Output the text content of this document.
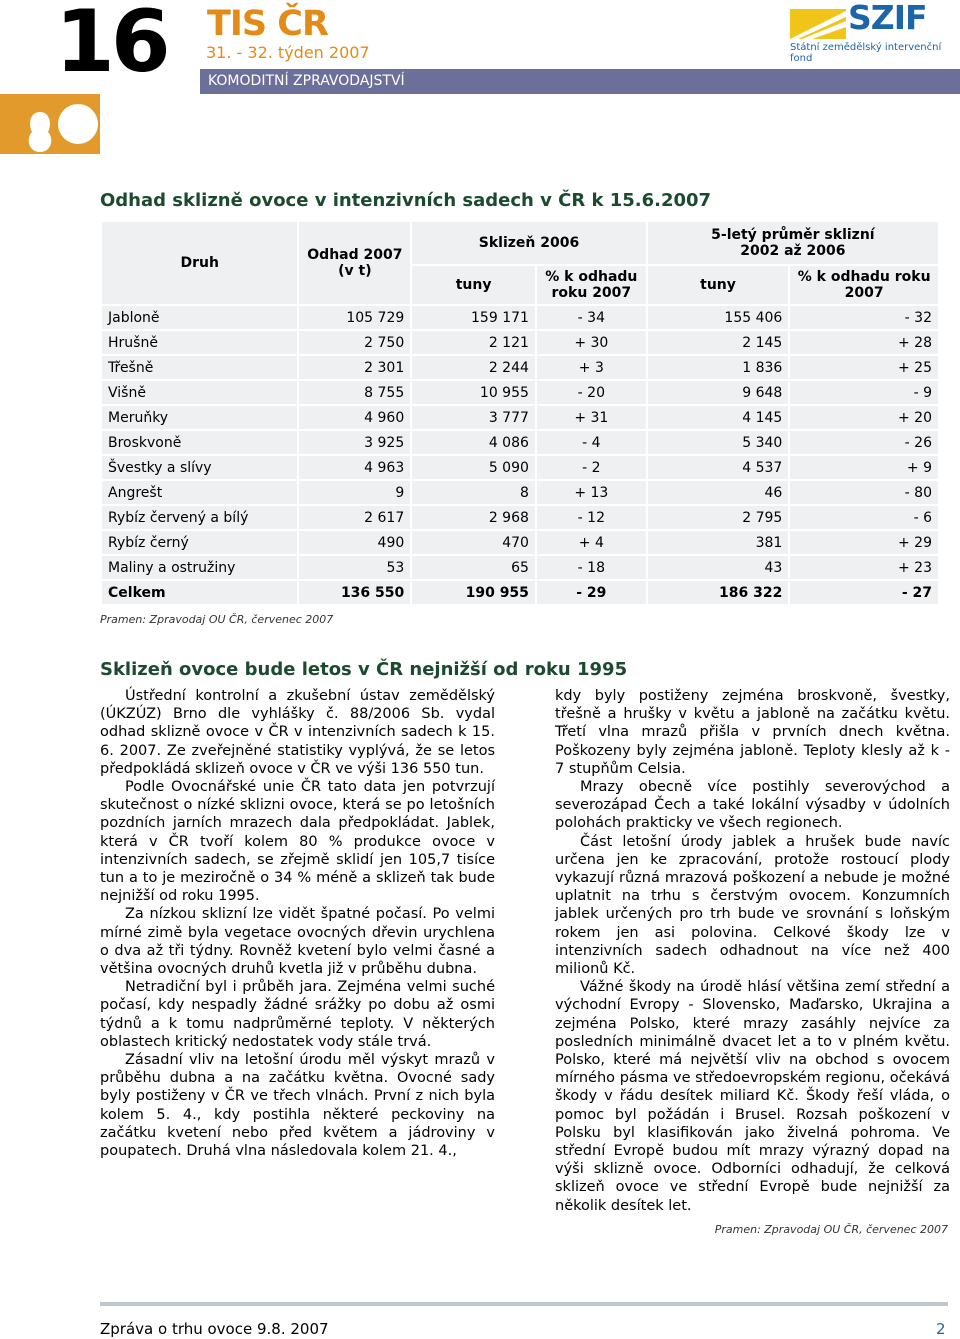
16 TIS ČR
31. - 32. týden 2007
KOMODITNÍ ZPRAVODAJSTVÍ
SZIF
Státní zemědělský intervenční fond
Odhad sklizně ovoce v intenzivních sadech v ČR k 15.6.2007
Druh	Odhad 2007 (v t)	Sklizeň 2006		5-letý průměr sklizní
2002 až 2006	

		tuny	% k odhadu roku 2007	tuny	% k odhadu roku 2007
Jabloně	105 729	159 171	- 34	155 406	- 32
Hrušně	2 750	2 121	+ 30	2 145	+ 28
Třešně	2 301	2 244	+ 3	1 836	+ 25
Višně	8 755	10 955	- 20	9 648	- 9
Meruňky	4 960	3 777	+ 31	4 145	+ 20
Broskvoně	3 925	4 086	- 4	5 340	- 26
Švestky a slívy	4 963	5 090	- 2	4 537	+ 9
Angrešt	9	8	+ 13	46	- 80
Rybíz červený a bílý	2 617	2 968	- 12	2 795	- 6
Rybíz černý	490	470	+ 4	381	+ 29
Maliny a ostružiny	53	65	- 18	43	+ 23
Celkem	136 550	190 955	- 29	186 322	- 27
Pramen: Zpravodaj OU ČR, červenec 2007
Sklizeň ovoce bude letos v ČR nejnižší od roku 1995

Ústřední kontrolní a zkušební ústav zemědělský (ÚKZÚZ) Brno dle vyhlášky č. 88/2006 Sb. vydal odhad sklizně ovoce v ČR v intenzivních sadech k 15. 6. 2007. Ze zveřejněné statistiky vyplývá, že se letos předpokládá sklizeň ovoce v ČR ve výši 136 550 tun.

Podle Ovocnářské unie ČR tato data jen potvrzují skutečnost o nízké sklizni ovoce, která se po letošních pozdních jarních mrazech dala předpokládat. Jablek, která v ČR tvoří kolem 80 % produkce ovoce v intenzivních sadech, se zřejmě sklidí jen 105,7 tisíce tun a to je meziročně o 34 % méně a sklizeň tak bude nejnižší od roku 1995.

Za nízkou sklizní lze vidět špatné počasí. Po velmi mírné zimě byla vegetace ovocných dřevin urychlena o dva až tři týdny. Rovněž kvetení bylo velmi časné a většina ovocných druhů kvetla již v průběhu dubna.

Netradiční byl i průběh jara. Zejména velmi suché počasí, kdy nespadly žádné srážky po dobu až osmi týdnů a k tomu nadprůměrné teploty. V některých oblastech kritický nedostatek vody stále trvá.

Zásadní vliv na letošní úrodu měl výskyt mrazů v průběhu dubna a na začátku května. Ovocné sady byly postiženy v ČR ve třech vlnách. První z nich byla kolem 5. 4., kdy postihla některé peckoviny na začátku kvetení nebo před květem a jádroviny v poupatech. Druhá vlna následovala kolem 21. 4.,

kdy byly postiženy zejména broskvoně, švestky, třešně a hrušky v květu a jabloně na začátku květu. Třetí vlna mrazů přišla v prvních dnech května. Poškozeny byly zejména jabloně. Teploty klesly až k - 7 stupňům Celsia.

Mrazy obecně více postihly severovýchod a severozápad Čech a také lokální výsadby v údolních polohách prakticky ve všech regionech.

Část letošní úrody jablek a hrušek bude navíc určena jen ke zpracování, protože rostoucí plody vykazují různá mrazová poškození a nebude je možné uplatnit na trhu s čerstvým ovocem. Konzumních jablek určených pro trh bude ve srovnání s loňským rokem jen asi polovina. Celkové škody lze v intenzivních sadech odhadnout na více než 400 milionů Kč.

Vážné škody na úrodě hlásí většina zemí střední a východní Evropy - Slovensko, Maďarsko, Ukrajina a zejména Polsko, které mrazy zasáhly nejvíce za posledních minimálně dvacet let a to v plném květu. Polsko, které má největší vliv na obchod s ovocem mírného pásma ve středoevropském regionu, očekává škody v řádu desítek miliard Kč. Škody řeší vláda, o pomoc byl požádán i Brusel. Rozsah poškození v Polsku byl klasifikován jako živelná pohroma. Ve střední Evropě budou mít mrazy výrazný dopad na výši sklizně ovoce. Odborníci odhadují, že celková sklizeň ovoce ve střední Evropě bude nejnižší za několik desítek let.

Pramen: Zpravodaj OU ČR, červenec 2007
Zpráva o trhu ovoce 9.8. 2007	2
